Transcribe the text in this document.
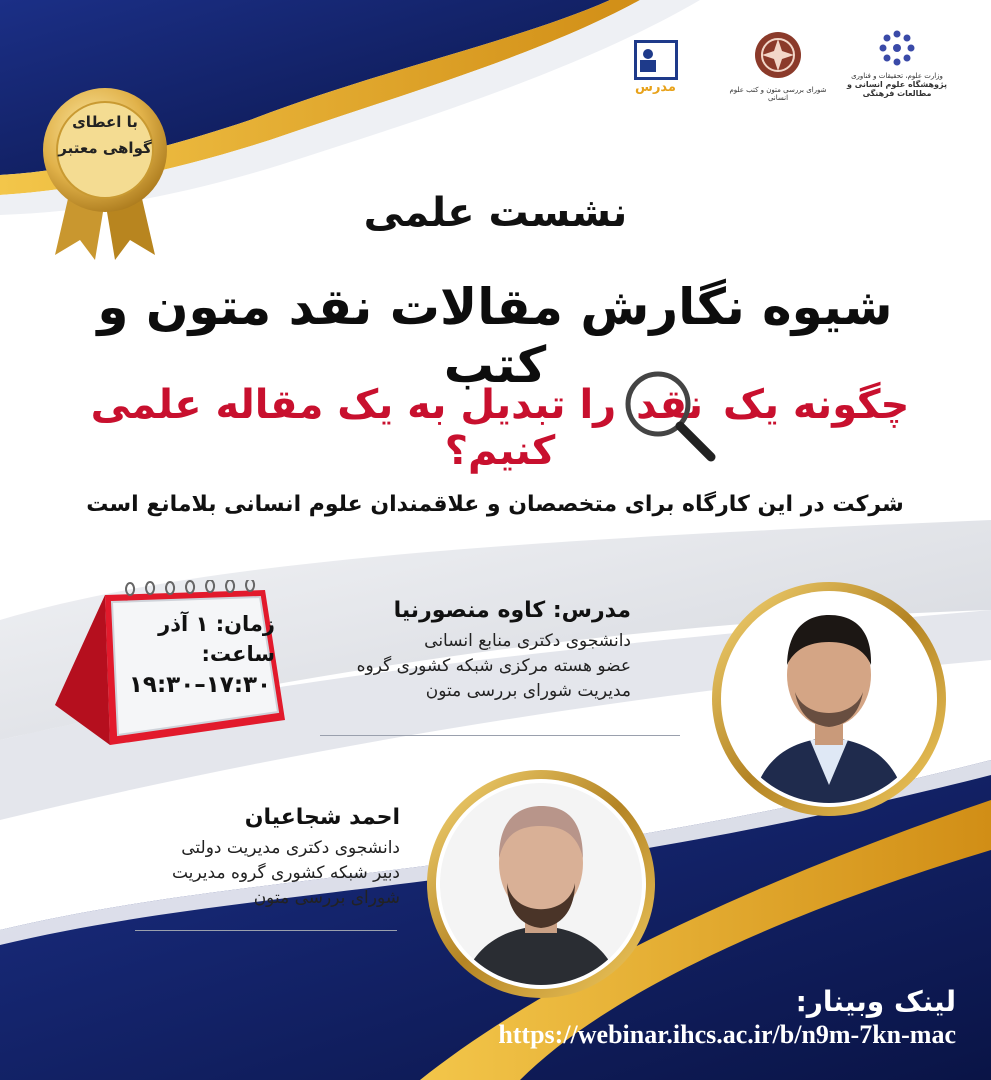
مدرس	شورای بررسی متون و کتب علوم انسانی
وزارت علوم، تحقیقات و فناوری
پژوهشگاه علوم انسانی و مطالعات فرهنگی
با اعطای
گواهی معتبر
نشست علمی
شیوه نگارش مقالات نقد متون و کتب
چگونه یک نقد
را تبدیل به یک مقاله علمی کنیم؟
شرکت در این کارگاه برای متخصصان و علاقمندان علوم انسانی بلامانع است
زمان: ۱ آذر
ساعت:
۱۷:۳۰–۱۹:۳۰
مدرس: کاوه منصورنیا
دانشجوی دکتری منابع انسانی
عضو هسته مرکزی شبکه کشوری گروه
مدیریت شورای بررسی متون
احمد شجاعیان
دانشجوی دکتری مدیریت دولتی
دبیر شبکه کشوری گروه مدیریت
شورای بررسی متون
لینک وبینار:
https://webinar.ihcs.ac.ir/b/n9m-7kn-mac
